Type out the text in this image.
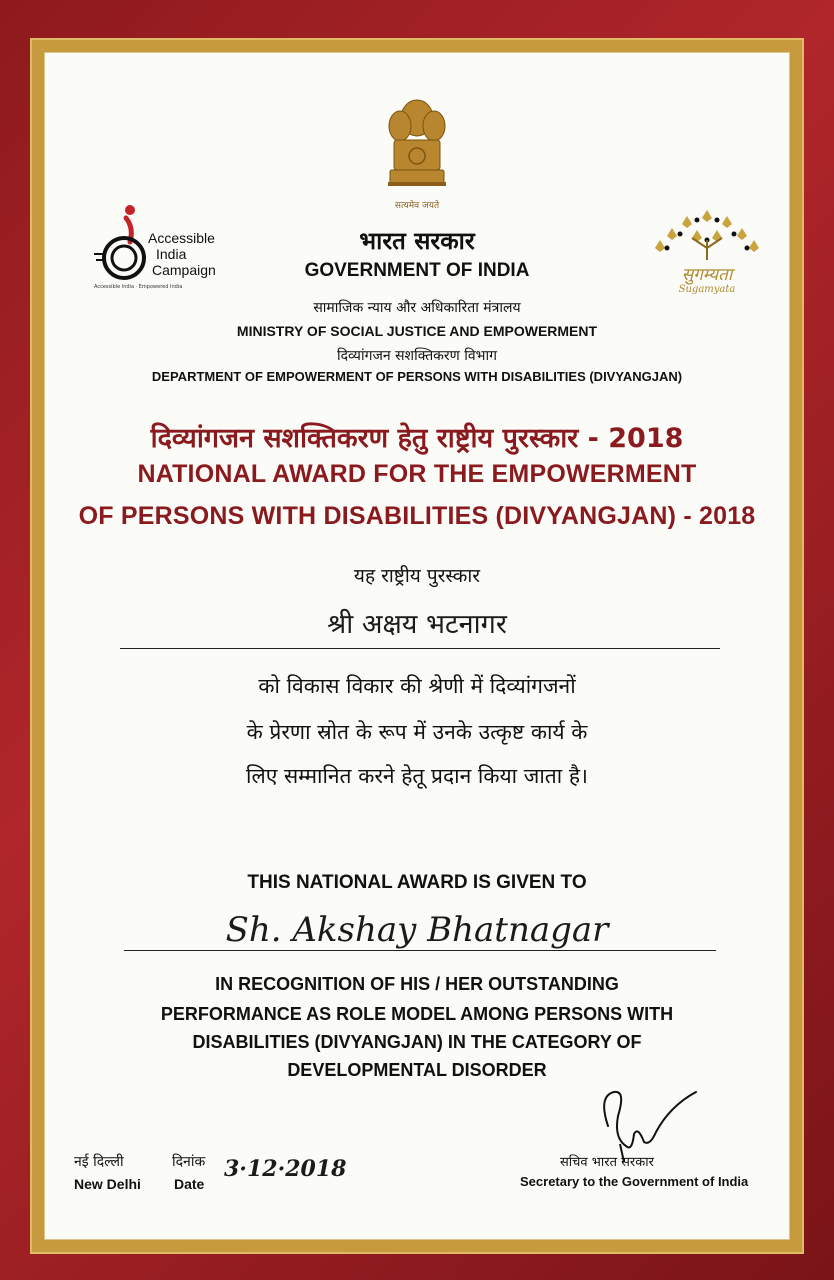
सत्यमेव जयते
Accessible
India
Campaign
Accessible India · Empowered India
सुगम्यता
Sugamyata
भारत सरकार
GOVERNMENT OF INDIA
सामाजिक न्याय और अधिकारिता मंत्रालय
MINISTRY OF SOCIAL JUSTICE AND EMPOWERMENT
दिव्यांगजन सशक्तिकरण विभाग
DEPARTMENT OF EMPOWERMENT OF PERSONS WITH DISABILITIES (DIVYANGJAN)
दिव्यांगजन सशक्तिकरण हेतु राष्ट्रीय पुरस्कार - 2018
NATIONAL AWARD FOR THE EMPOWERMENT
OF PERSONS WITH DISABILITIES (DIVYANGJAN) - 2018
यह राष्ट्रीय पुरस्कार
श्री अक्षय भटनागर
को विकास विकार की श्रेणी में दिव्यांगजनों
के प्रेरणा स्रोत के रूप में उनके उत्कृष्ट कार्य के
लिए सम्मानित करने हेतू प्रदान किया जाता है।
THIS NATIONAL AWARD IS GIVEN TO
Sh. Akshay Bhatnagar
IN RECOGNITION OF HIS / HER OUTSTANDING
PERFORMANCE AS ROLE MODEL AMONG PERSONS WITH
DISABILITIES (DIVYANGJAN) IN THE CATEGORY OF
DEVELOPMENTAL DISORDER
नई दिल्ली
New Delhi
दिनांक
Date
3·12·2018	सचिव भारत सरकार
Secretary to the Government of India
